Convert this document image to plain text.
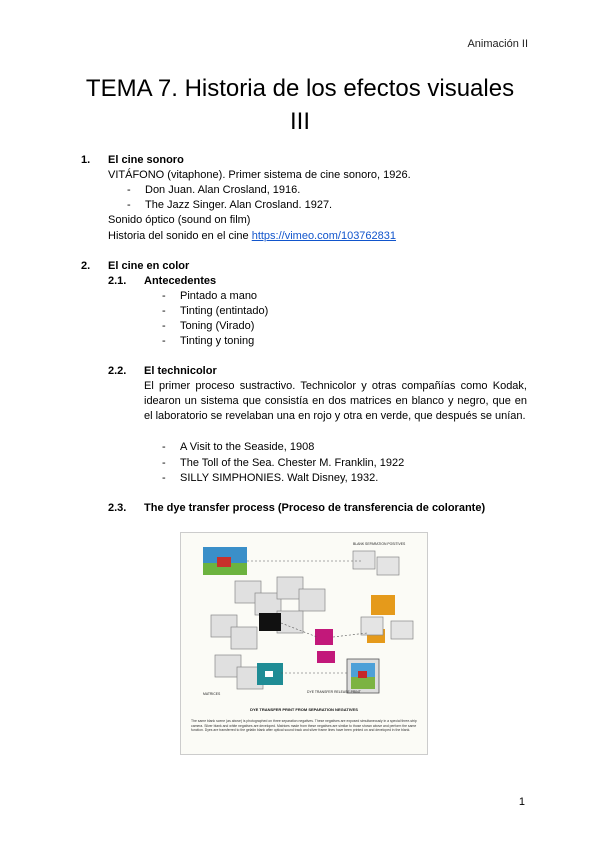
Animación II
TEMA 7. Historia de los efectos visuales
III
1. El cine sonoro
VITÁFONO (vitaphone). Primer sistema de cine sonoro, 1926.
- Don Juan. Alan Crosland, 1916.
- The Jazz Singer. Alan Crosland. 1927.
Sonido óptico (sound on film)
Historia del sonido en el cine https://vimeo.com/103762831
2. El cine en color
2.1. Antecedentes
- Pintado a mano
- Tinting (entintado)
- Toning (Virado)
- Tinting y toning
2.2. El technicolor
El primer proceso sustractivo. Technicolor y otras compañías como Kodak, idearon un sistema que consistía en dos matrices en blanco y negro, que en el laboratorio se revelaban una en rojo y otra en verde, que después se unían.
- A Visit to the Seaside, 1908
- The Toll of the Sea. Chester M. Franklin, 1922
- SILLY SIMPHONIES. Walt Disney, 1932.
2.3. The dye transfer process (Proceso de transferencia de colorante)
BLANK SEPARATION POSITIVES
MATRICES	DYE TRANSFER RELEASE PRINT
DYE TRANSFER PRINT FROM SEPARATION NEGATIVES
The same blank scene (as above) is photographed on three separation negatives. These negatives are exposed simultaneously in a special three-strip camera. Silver blank and white negatives are developed. Matrices made from these negatives are similar to those shown above and perform the same function. Dyes are transferred to the gelatin blank after optical sound track and silver frame lines have been printed on and developed in the blank.
1
